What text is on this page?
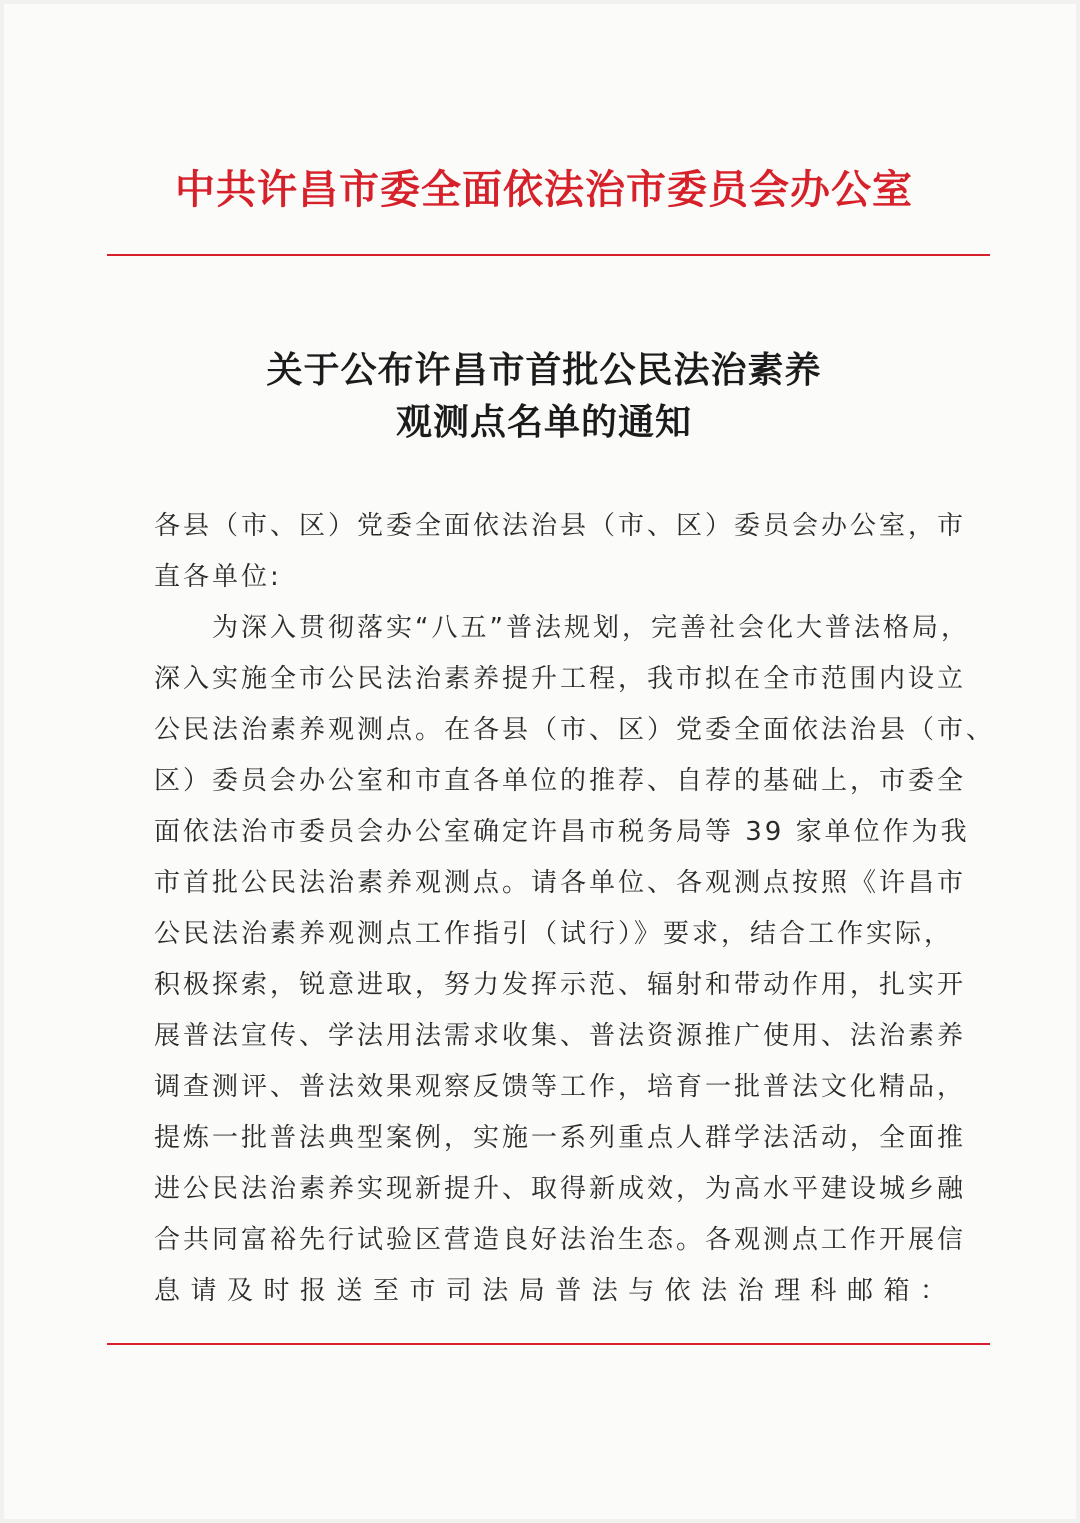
中共许昌市委全面依法治市委员会办公室
关于公布许昌市首批公民法治素养
观测点名单的通知
各县（市、区）党委全面依法治县（市、区）委员会办公室，市
直各单位:
　　为深入贯彻落实“八五”普法规划，完善社会化大普法格局，
深入实施全市公民法治素养提升工程，我市拟在全市范围内设立
公民法治素养观测点。在各县（市、区）党委全面依法治县（市、
区）委员会办公室和市直各单位的推荐、自荐的基础上，市委全
面依法治市委员会办公室确定许昌市税务局等 39 家单位作为我
市首批公民法治素养观测点。请各单位、各观测点按照《许昌市
公民法治素养观测点工作指引（试行）》要求，结合工作实际，
积极探索，锐意进取，努力发挥示范、辐射和带动作用，扎实开
展普法宣传、学法用法需求收集、普法资源推广使用、法治素养
调查测评、普法效果观察反馈等工作，培育一批普法文化精品，
提炼一批普法典型案例，实施一系列重点人群学法活动，全面推
进公民法治素养实现新提升、取得新成效，为高水平建设城乡融
合共同富裕先行试验区营造良好法治生态。各观测点工作开展信
息请及时报送至市司法局普法与依法治理科邮箱：
